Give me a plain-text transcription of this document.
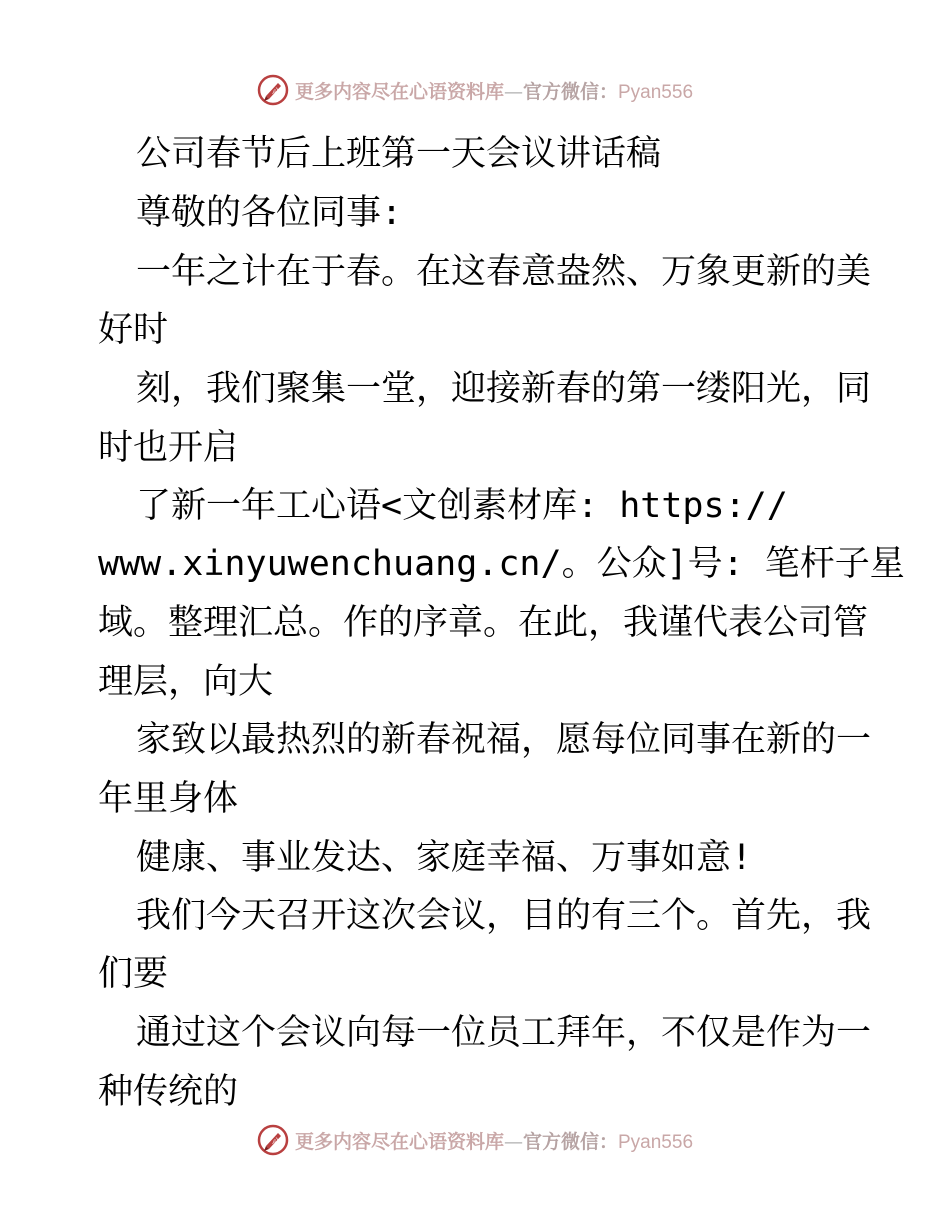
心 更多内容尽在心语资料库—官方微信：Pyan556
公司春节后上班第一天会议讲话稿
尊敬的各位同事:
一年之计在于春。在这春意盎然、万象更新的美
好时
刻，我们聚集一堂，迎接新春的第一缕阳光，同
时也开启
了新一年工心语<文创素材库: https://
www.xinyuwenchuang.cn/。公众]号: 笔杆子星
域。整理汇总。作的序章。在此，我谨代表公司管
理层，向大
家致以最热烈的新春祝福，愿每位同事在新的一
年里身体
健康、事业发达、家庭幸福、万事如意!
我们今天召开这次会议，目的有三个。首先，我
们要
通过这个会议向每一位员工拜年，不仅是作为一
种传统的
心 更多内容尽在心语资料库—官方微信：Pyan556
